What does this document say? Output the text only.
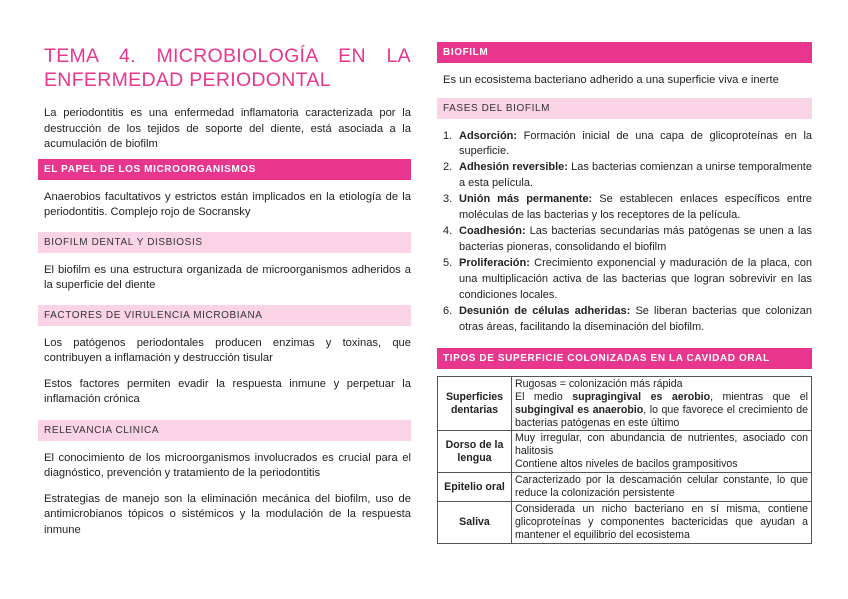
TEMA 4. MICROBIOLOGÍA EN LA
ENFERMEDAD PERIODONTAL

La periodontitis es una enfermedad inflamatoria caracterizada por la destrucción de los tejidos de soporte del diente, está asociada a la acumulación de biofilm

EL PAPEL DE LOS MICROORGANISMOS

Anaerobios facultativos y estrictos están implicados en la etiología de la periodontitis. Complejo rojo de Socransky

BIOFILM DENTAL Y DISBIOSIS

El biofilm es una estructura organizada de microorganismos adheridos a la superficie del diente

FACTORES DE VIRULENCIA MICROBIANA

Los patógenos periodontales producen enzimas y toxinas, que contribuyen a inflamación y destrucción tisular

Estos factores permiten evadir la respuesta inmune y perpetuar la inflamación crónica

RELEVANCIA CLINICA

El conocimiento de los microorganismos involucrados es crucial para el diagnóstico, prevención y tratamiento de la periodontitis

Estrategias de manejo son la eliminación mecánica del biofilm, uso de antimicrobianos tópicos o sistémicos y la modulación de la respuesta inmune

BIOFILM

Es un ecosistema bacteriano adherido a una superficie viva e inerte

FASES DEL BIOFILM
1. Adsorción: Formación inicial de una capa de glicoproteínas en la superficie.
2. Adhesión reversible: Las bacterias comienzan a unirse temporalmente a esta película.
3. Unión más permanente: Se establecen enlaces específicos entre moléculas de las bacterias y los receptores de la película.
4. Coadhesión: Las bacterias secundarias más patógenas se unen a las bacterias pioneras, consolidando el biofilm
5. Proliferación: Crecimiento exponencial y maduración de la placa, con una multiplicación activa de las bacterias que logran sobrevivir en las condiciones locales.
6. Desunión de células adheridas: Se liberan bacterias que colonizan otras áreas, facilitando la diseminación del biofilm.
TIPOS DE SUPERFICIE COLONIZADAS EN LA CAVIDAD ORAL
Superficies dentarias	Rugosas = colonización más rápida
El medio supragingival es aerobio, mientras que el subgingival es anaerobio, lo que favorece el crecimiento de bacterias patógenas en este último

Dorso de la lengua	Muy irregular, con abundancia de nutrientes, asociado con halitosis
Contiene altos niveles de bacilos grampositivos

Epitelio oral	Caracterizado por la descamación celular constante, lo que reduce la colonización persistente
Saliva	Considerada un nicho bacteriano en sí misma, contiene glicoproteínas y componentes bactericidas que ayudan a mantener el equilibrio del ecosistema
